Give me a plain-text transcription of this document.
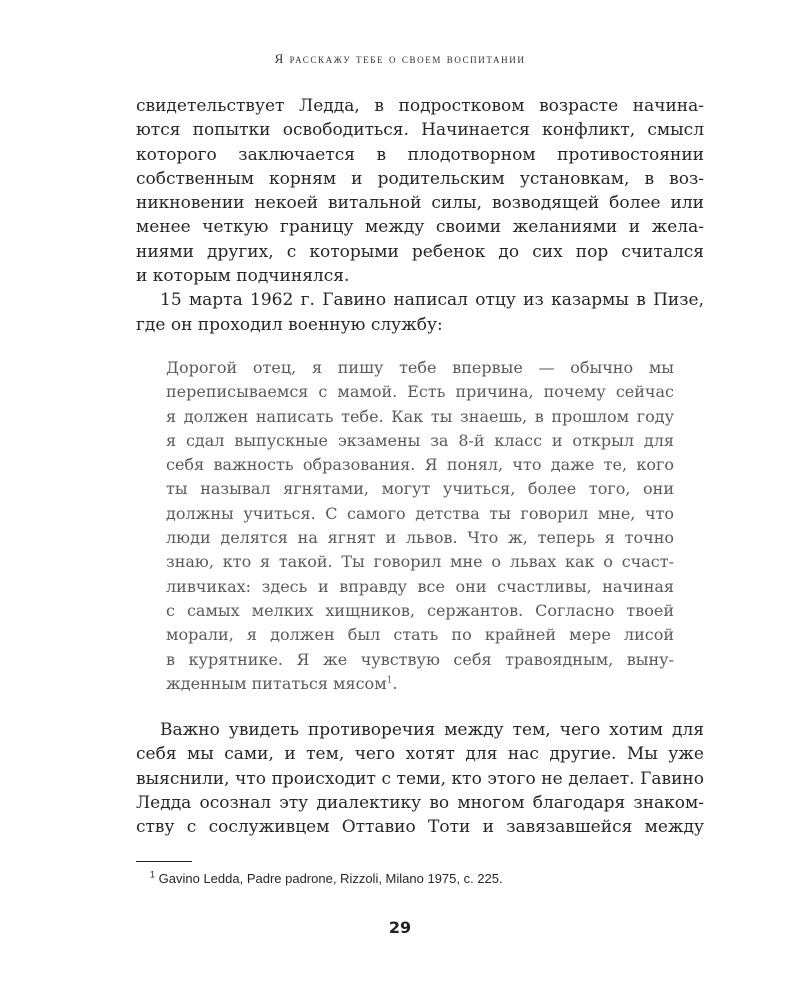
Я расскажу тебе о своем воспитании
свидетельствует Ледда, в подростковом возрасте начина-
ются попытки освободиться. Начинается конфликт, смысл
которого заключается в плодотворном противостоянии
собственным корням и родительским установкам, в воз-
никновении некоей витальной силы, возводящей более или
менее четкую границу между своими желаниями и жела-
ниями других, с которыми ребенок до сих пор считался
и которым подчинялся.
15 марта 1962 г. Гавино написал отцу из казармы в Пизе,
где он проходил военную службу:
Дорогой отец, я пишу тебе впервые — обычно мы
переписываемся с мамой. Есть причина, почему сейчас
я должен написать тебе. Как ты знаешь, в прошлом году
я сдал выпускные экзамены за 8-й класс и открыл для
себя важность образования. Я понял, что даже те, кого
ты называл ягнятами, могут учиться, более того, они
должны учиться. С самого детства ты говорил мне, что
люди делятся на ягнят и львов. Что ж, теперь я точно
знаю, кто я такой. Ты говорил мне о львах как о счаст-
ливчиках: здесь и вправду все они счастливы, начиная
с самых мелких хищников, сержантов. Согласно твоей
морали, я должен был стать по крайней мере лисой
в курятнике. Я же чувствую себя травоядным, выну-
жденным питаться мясом$^1$.
Важно увидеть противоречия между тем, чего хотим для
себя мы сами, и тем, чего хотят для нас другие. Мы уже
выяснили, что происходит с теми, кто этого не делает. Гавино
Ледда осознал эту диалектику во многом благодаря знаком-
ству с сослуживцем Оттавио Тоти и завязавшейся между
$^1$ Gavino Ledda, Padre padrone, Rizzoli, Milano 1975, c. 225.
29
